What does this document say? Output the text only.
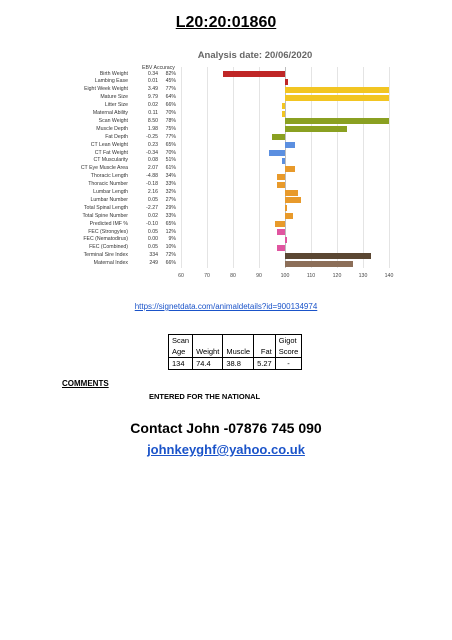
L20:20:01860
Analysis date: 20/06/2020
EBV Accuracy
60	70	80	90	100	110	120	130	140
Birth Weight	0.34	82%
Lambing Ease	0.01	45%
Eight Week Weight	3.49	77%
Mature Size	9.79	64%
Litter Size	0.02	66%
Maternal Ability	0.11	70%
Scan Weight	8.50	78%
Muscle Depth	1.98	75%
Fat Depth	-0.25	77%
CT Lean Weight	0.23	65%
CT Fat Weight	-0.34	70%
CT Muscularity	0.08	51%
CT Eye Muscle Area	2.07	61%
Thoracic Length	-4.88	34%
Thoracic Number	-0.18	33%
Lumbar Length	2.16	32%
Lumbar Number	0.05	27%
Total Spinal Length	-2.27	29%
Total Spine Number	0.02	33%
Predicted IMF %	-0.10	65%
FEC (Strongyles)	0.05	12%
FEC (Nematodirus)	0.00	9%
FEC (Combined)	0.05	10%
Terminal Sire Index	334	72%
Maternal Index	249	66%
https://signetdata.com/animaldetails?id=900134974
Scan				Gigot
Age	Weight	Muscle	Fat	Score
134	74.4	38.8	5.27	-
COMMENTS
ENTERED FOR THE NATIONAL
Contact John -07876 745 090
johnkeyghf@yahoo.co.uk
